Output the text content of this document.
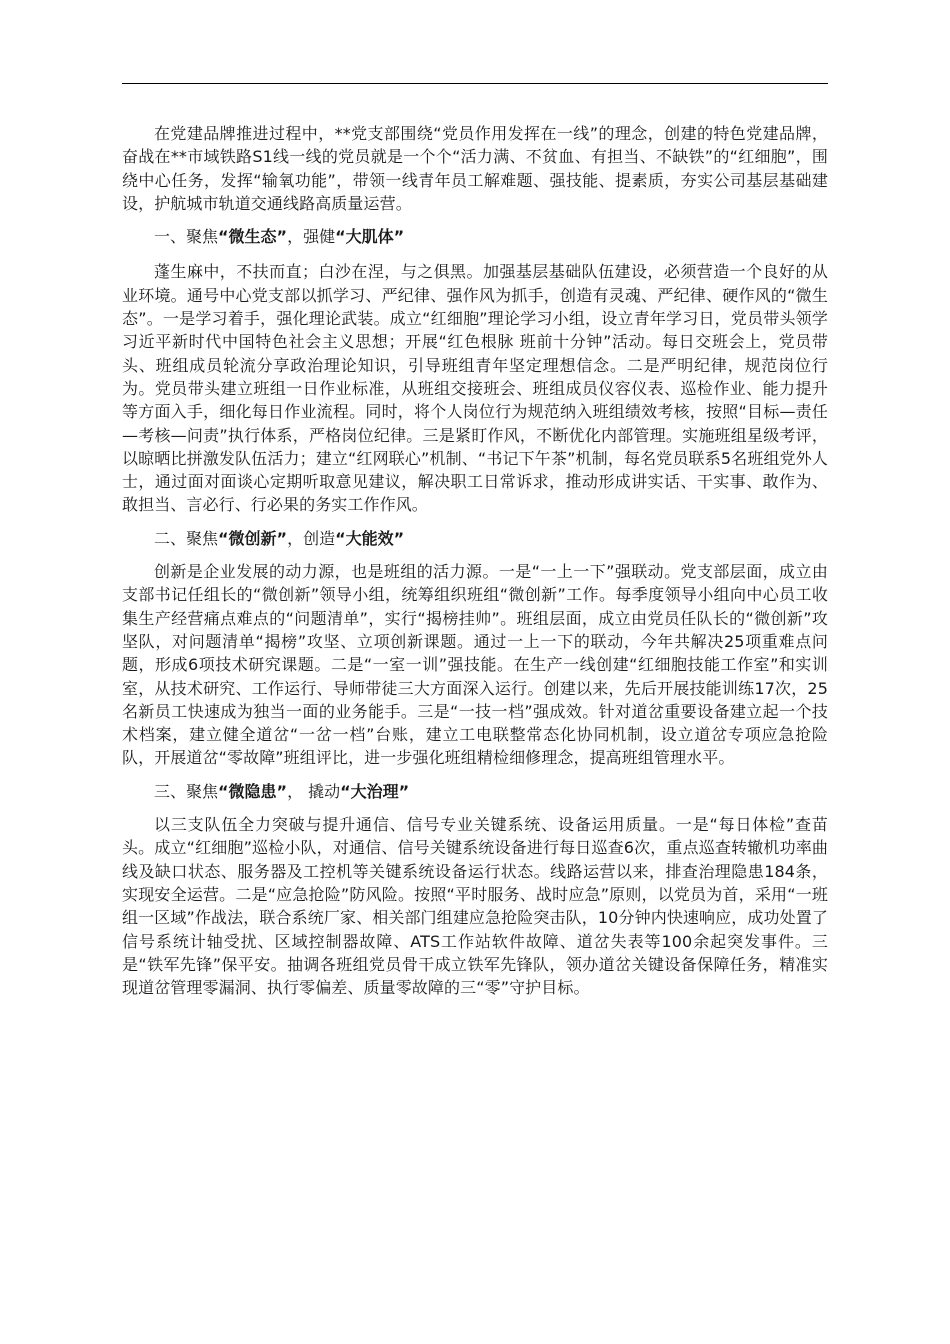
在党建品牌推进过程中，**党支部围绕“党员作用发挥在一线”的理念，创建的特色党建品牌，奋战在**市域铁路S1线一线的党员就是一个个“活力满、不贫血、有担当、不缺铁”的“红细胞”，围绕中心任务，发挥“输氧功能”，带领一线青年员工解难题、强技能、提素质，夯实公司基层基础建设，护航城市轨道交通线路高质量运营。

一、聚焦“微生态”，强健“大肌体”

蓬生麻中，不扶而直；白沙在涅，与之俱黑。加强基层基础队伍建设，必须营造一个良好的从业环境。通号中心党支部以抓学习、严纪律、强作风为抓手，创造有灵魂、严纪律、硬作风的“微生态”。一是学习着手，强化理论武装。成立“红细胞”理论学习小组，设立青年学习日，党员带头领学习近平新时代中国特色社会主义思想；开展“红色根脉 班前十分钟”活动。每日交班会上，党员带头、班组成员轮流分享政治理论知识，引导班组青年坚定理想信念。二是严明纪律，规范岗位行为。党员带头建立班组一日作业标准，从班组交接班会、班组成员仪容仪表、巡检作业、能力提升等方面入手，细化每日作业流程。同时，将个人岗位行为规范纳入班组绩效考核，按照“目标—责任—考核—问责”执行体系，严格岗位纪律。三是紧盯作风，不断优化内部管理。实施班组星级考评，以晾晒比拼激发队伍活力；建立“红网联心”机制、“书记下午茶”机制，每名党员联系5名班组党外人士，通过面对面谈心定期听取意见建议，解决职工日常诉求，推动形成讲实话、干实事、敢作为、敢担当、言必行、行必果的务实工作作风。

二、聚焦“微创新”，创造“大能效”

创新是企业发展的动力源，也是班组的活力源。一是“一上一下”强联动。党支部层面，成立由支部书记任组长的“微创新”领导小组，统筹组织班组“微创新”工作。每季度领导小组向中心员工收集生产经营痛点难点的“问题清单”，实行“揭榜挂帅”。班组层面，成立由党员任队长的“微创新”攻坚队，对问题清单“揭榜”攻坚、立项创新课题。通过一上一下的联动，今年共解决25项重难点问题，形成6项技术研究课题。二是“一室一训”强技能。在生产一线创建“红细胞技能工作室”和实训室，从技术研究、工作运行、导师带徒三大方面深入运行。创建以来，先后开展技能训练17次，25名新员工快速成为独当一面的业务能手。三是“一技一档”强成效。针对道岔重要设备建立起一个技术档案，建立健全道岔“一岔一档”台账，建立工电联整常态化协同机制，设立道岔专项应急抢险队，开展道岔“零故障”班组评比，进一步强化班组精检细修理念，提高班组管理水平。

三、聚焦“微隐患”， 撬动“大治理”

以三支队伍全力突破与提升通信、信号专业关键系统、设备运用质量。一是“每日体检”查苗头。成立“红细胞”巡检小队，对通信、信号关键系统设备进行每日巡查6次，重点巡查转辙机功率曲线及缺口状态、服务器及工控机等关键系统设备运行状态。线路运营以来，排查治理隐患184条，实现安全运营。二是“应急抢险”防风险。按照“平时服务、战时应急”原则，以党员为首，采用“一班组一区域”作战法，联合系统厂家、相关部门组建应急抢险突击队，10分钟内快速响应，成功处置了信号系统计轴受扰、区域控制器故障、ATS工作站软件故障、道岔失表等100余起突发事件。三是“铁军先锋”保平安。抽调各班组党员骨干成立铁军先锋队，领办道岔关键设备保障任务，精准实现道岔管理零漏洞、执行零偏差、质量零故障的三“零”守护目标。
